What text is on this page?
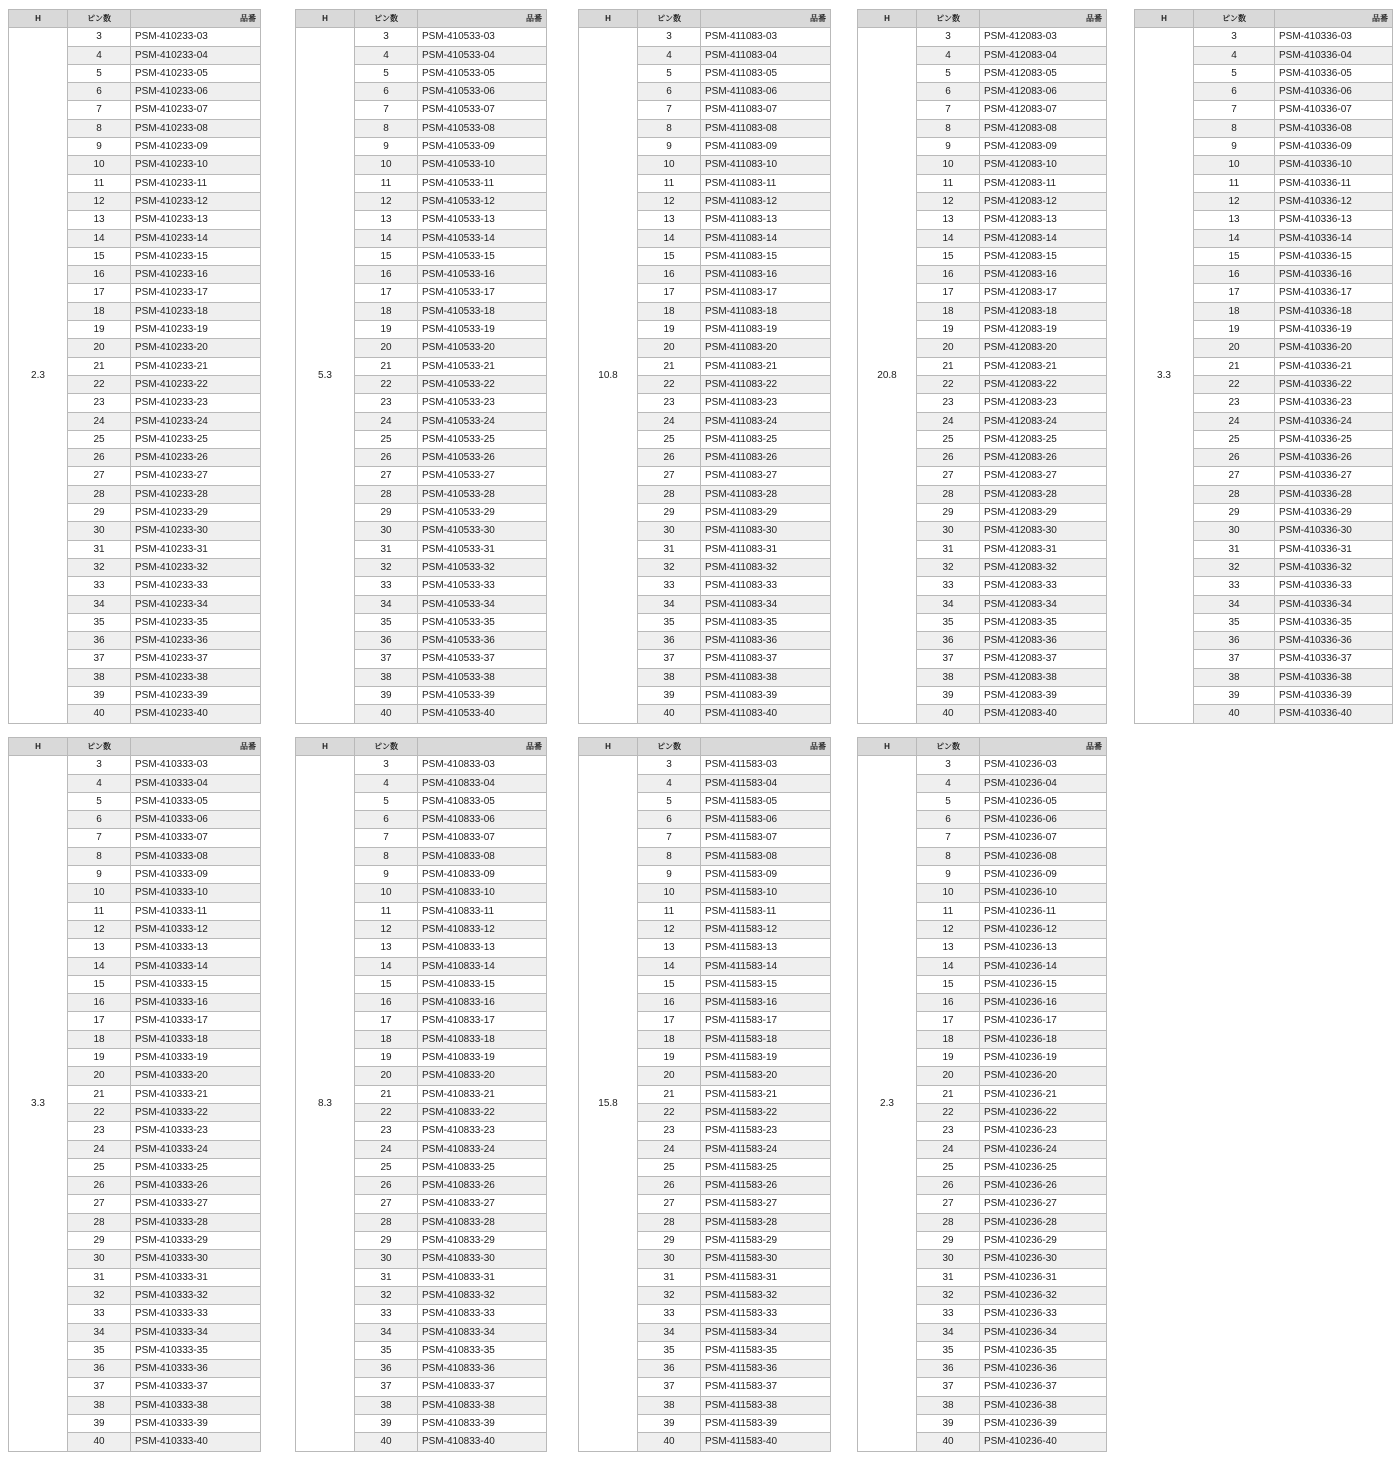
H	ピン数	品番
2.3	3	PSM-410233-03
	4	PSM-410233-04
	5	PSM-410233-05
	6	PSM-410233-06
	7	PSM-410233-07
	8	PSM-410233-08
	9	PSM-410233-09
	10	PSM-410233-10
	11	PSM-410233-11
	12	PSM-410233-12
	13	PSM-410233-13
	14	PSM-410233-14
	15	PSM-410233-15
	16	PSM-410233-16
	17	PSM-410233-17
	18	PSM-410233-18
	19	PSM-410233-19
	20	PSM-410233-20
	21	PSM-410233-21
	22	PSM-410233-22
	23	PSM-410233-23
	24	PSM-410233-24
	25	PSM-410233-25
	26	PSM-410233-26
	27	PSM-410233-27
	28	PSM-410233-28
	29	PSM-410233-29
	30	PSM-410233-30
	31	PSM-410233-31
	32	PSM-410233-32
	33	PSM-410233-33
	34	PSM-410233-34
	35	PSM-410233-35
	36	PSM-410233-36
	37	PSM-410233-37
	38	PSM-410233-38
	39	PSM-410233-39
	40	PSM-410233-40
H	ピン数	品番
5.3	3	PSM-410533-03
	4	PSM-410533-04
	5	PSM-410533-05
	6	PSM-410533-06
	7	PSM-410533-07
	8	PSM-410533-08
	9	PSM-410533-09
	10	PSM-410533-10
	11	PSM-410533-11
	12	PSM-410533-12
	13	PSM-410533-13
	14	PSM-410533-14
	15	PSM-410533-15
	16	PSM-410533-16
	17	PSM-410533-17
	18	PSM-410533-18
	19	PSM-410533-19
	20	PSM-410533-20
	21	PSM-410533-21
	22	PSM-410533-22
	23	PSM-410533-23
	24	PSM-410533-24
	25	PSM-410533-25
	26	PSM-410533-26
	27	PSM-410533-27
	28	PSM-410533-28
	29	PSM-410533-29
	30	PSM-410533-30
	31	PSM-410533-31
	32	PSM-410533-32
	33	PSM-410533-33
	34	PSM-410533-34
	35	PSM-410533-35
	36	PSM-410533-36
	37	PSM-410533-37
	38	PSM-410533-38
	39	PSM-410533-39
	40	PSM-410533-40
H	ピン数	品番
10.8	3	PSM-411083-03
	4	PSM-411083-04
	5	PSM-411083-05
	6	PSM-411083-06
	7	PSM-411083-07
	8	PSM-411083-08
	9	PSM-411083-09
	10	PSM-411083-10
	11	PSM-411083-11
	12	PSM-411083-12
	13	PSM-411083-13
	14	PSM-411083-14
	15	PSM-411083-15
	16	PSM-411083-16
	17	PSM-411083-17
	18	PSM-411083-18
	19	PSM-411083-19
	20	PSM-411083-20
	21	PSM-411083-21
	22	PSM-411083-22
	23	PSM-411083-23
	24	PSM-411083-24
	25	PSM-411083-25
	26	PSM-411083-26
	27	PSM-411083-27
	28	PSM-411083-28
	29	PSM-411083-29
	30	PSM-411083-30
	31	PSM-411083-31
	32	PSM-411083-32
	33	PSM-411083-33
	34	PSM-411083-34
	35	PSM-411083-35
	36	PSM-411083-36
	37	PSM-411083-37
	38	PSM-411083-38
	39	PSM-411083-39
	40	PSM-411083-40
H	ピン数	品番
20.8	3	PSM-412083-03
	4	PSM-412083-04
	5	PSM-412083-05
	6	PSM-412083-06
	7	PSM-412083-07
	8	PSM-412083-08
	9	PSM-412083-09
	10	PSM-412083-10
	11	PSM-412083-11
	12	PSM-412083-12
	13	PSM-412083-13
	14	PSM-412083-14
	15	PSM-412083-15
	16	PSM-412083-16
	17	PSM-412083-17
	18	PSM-412083-18
	19	PSM-412083-19
	20	PSM-412083-20
	21	PSM-412083-21
	22	PSM-412083-22
	23	PSM-412083-23
	24	PSM-412083-24
	25	PSM-412083-25
	26	PSM-412083-26
	27	PSM-412083-27
	28	PSM-412083-28
	29	PSM-412083-29
	30	PSM-412083-30
	31	PSM-412083-31
	32	PSM-412083-32
	33	PSM-412083-33
	34	PSM-412083-34
	35	PSM-412083-35
	36	PSM-412083-36
	37	PSM-412083-37
	38	PSM-412083-38
	39	PSM-412083-39
	40	PSM-412083-40
H	ピン数	品番
3.3	3	PSM-410336-03
	4	PSM-410336-04
	5	PSM-410336-05
	6	PSM-410336-06
	7	PSM-410336-07
	8	PSM-410336-08
	9	PSM-410336-09
	10	PSM-410336-10
	11	PSM-410336-11
	12	PSM-410336-12
	13	PSM-410336-13
	14	PSM-410336-14
	15	PSM-410336-15
	16	PSM-410336-16
	17	PSM-410336-17
	18	PSM-410336-18
	19	PSM-410336-19
	20	PSM-410336-20
	21	PSM-410336-21
	22	PSM-410336-22
	23	PSM-410336-23
	24	PSM-410336-24
	25	PSM-410336-25
	26	PSM-410336-26
	27	PSM-410336-27
	28	PSM-410336-28
	29	PSM-410336-29
	30	PSM-410336-30
	31	PSM-410336-31
	32	PSM-410336-32
	33	PSM-410336-33
	34	PSM-410336-34
	35	PSM-410336-35
	36	PSM-410336-36
	37	PSM-410336-37
	38	PSM-410336-38
	39	PSM-410336-39
	40	PSM-410336-40
H	ピン数	品番
3.3	3	PSM-410333-03
	4	PSM-410333-04
	5	PSM-410333-05
	6	PSM-410333-06
	7	PSM-410333-07
	8	PSM-410333-08
	9	PSM-410333-09
	10	PSM-410333-10
	11	PSM-410333-11
	12	PSM-410333-12
	13	PSM-410333-13
	14	PSM-410333-14
	15	PSM-410333-15
	16	PSM-410333-16
	17	PSM-410333-17
	18	PSM-410333-18
	19	PSM-410333-19
	20	PSM-410333-20
	21	PSM-410333-21
	22	PSM-410333-22
	23	PSM-410333-23
	24	PSM-410333-24
	25	PSM-410333-25
	26	PSM-410333-26
	27	PSM-410333-27
	28	PSM-410333-28
	29	PSM-410333-29
	30	PSM-410333-30
	31	PSM-410333-31
	32	PSM-410333-32
	33	PSM-410333-33
	34	PSM-410333-34
	35	PSM-410333-35
	36	PSM-410333-36
	37	PSM-410333-37
	38	PSM-410333-38
	39	PSM-410333-39
	40	PSM-410333-40
H	ピン数	品番
8.3	3	PSM-410833-03
	4	PSM-410833-04
	5	PSM-410833-05
	6	PSM-410833-06
	7	PSM-410833-07
	8	PSM-410833-08
	9	PSM-410833-09
	10	PSM-410833-10
	11	PSM-410833-11
	12	PSM-410833-12
	13	PSM-410833-13
	14	PSM-410833-14
	15	PSM-410833-15
	16	PSM-410833-16
	17	PSM-410833-17
	18	PSM-410833-18
	19	PSM-410833-19
	20	PSM-410833-20
	21	PSM-410833-21
	22	PSM-410833-22
	23	PSM-410833-23
	24	PSM-410833-24
	25	PSM-410833-25
	26	PSM-410833-26
	27	PSM-410833-27
	28	PSM-410833-28
	29	PSM-410833-29
	30	PSM-410833-30
	31	PSM-410833-31
	32	PSM-410833-32
	33	PSM-410833-33
	34	PSM-410833-34
	35	PSM-410833-35
	36	PSM-410833-36
	37	PSM-410833-37
	38	PSM-410833-38
	39	PSM-410833-39
	40	PSM-410833-40
H	ピン数	品番
15.8	3	PSM-411583-03
	4	PSM-411583-04
	5	PSM-411583-05
	6	PSM-411583-06
	7	PSM-411583-07
	8	PSM-411583-08
	9	PSM-411583-09
	10	PSM-411583-10
	11	PSM-411583-11
	12	PSM-411583-12
	13	PSM-411583-13
	14	PSM-411583-14
	15	PSM-411583-15
	16	PSM-411583-16
	17	PSM-411583-17
	18	PSM-411583-18
	19	PSM-411583-19
	20	PSM-411583-20
	21	PSM-411583-21
	22	PSM-411583-22
	23	PSM-411583-23
	24	PSM-411583-24
	25	PSM-411583-25
	26	PSM-411583-26
	27	PSM-411583-27
	28	PSM-411583-28
	29	PSM-411583-29
	30	PSM-411583-30
	31	PSM-411583-31
	32	PSM-411583-32
	33	PSM-411583-33
	34	PSM-411583-34
	35	PSM-411583-35
	36	PSM-411583-36
	37	PSM-411583-37
	38	PSM-411583-38
	39	PSM-411583-39
	40	PSM-411583-40
H	ピン数	品番
2.3	3	PSM-410236-03
	4	PSM-410236-04
	5	PSM-410236-05
	6	PSM-410236-06
	7	PSM-410236-07
	8	PSM-410236-08
	9	PSM-410236-09
	10	PSM-410236-10
	11	PSM-410236-11
	12	PSM-410236-12
	13	PSM-410236-13
	14	PSM-410236-14
	15	PSM-410236-15
	16	PSM-410236-16
	17	PSM-410236-17
	18	PSM-410236-18
	19	PSM-410236-19
	20	PSM-410236-20
	21	PSM-410236-21
	22	PSM-410236-22
	23	PSM-410236-23
	24	PSM-410236-24
	25	PSM-410236-25
	26	PSM-410236-26
	27	PSM-410236-27
	28	PSM-410236-28
	29	PSM-410236-29
	30	PSM-410236-30
	31	PSM-410236-31
	32	PSM-410236-32
	33	PSM-410236-33
	34	PSM-410236-34
	35	PSM-410236-35
	36	PSM-410236-36
	37	PSM-410236-37
	38	PSM-410236-38
	39	PSM-410236-39
	40	PSM-410236-40
